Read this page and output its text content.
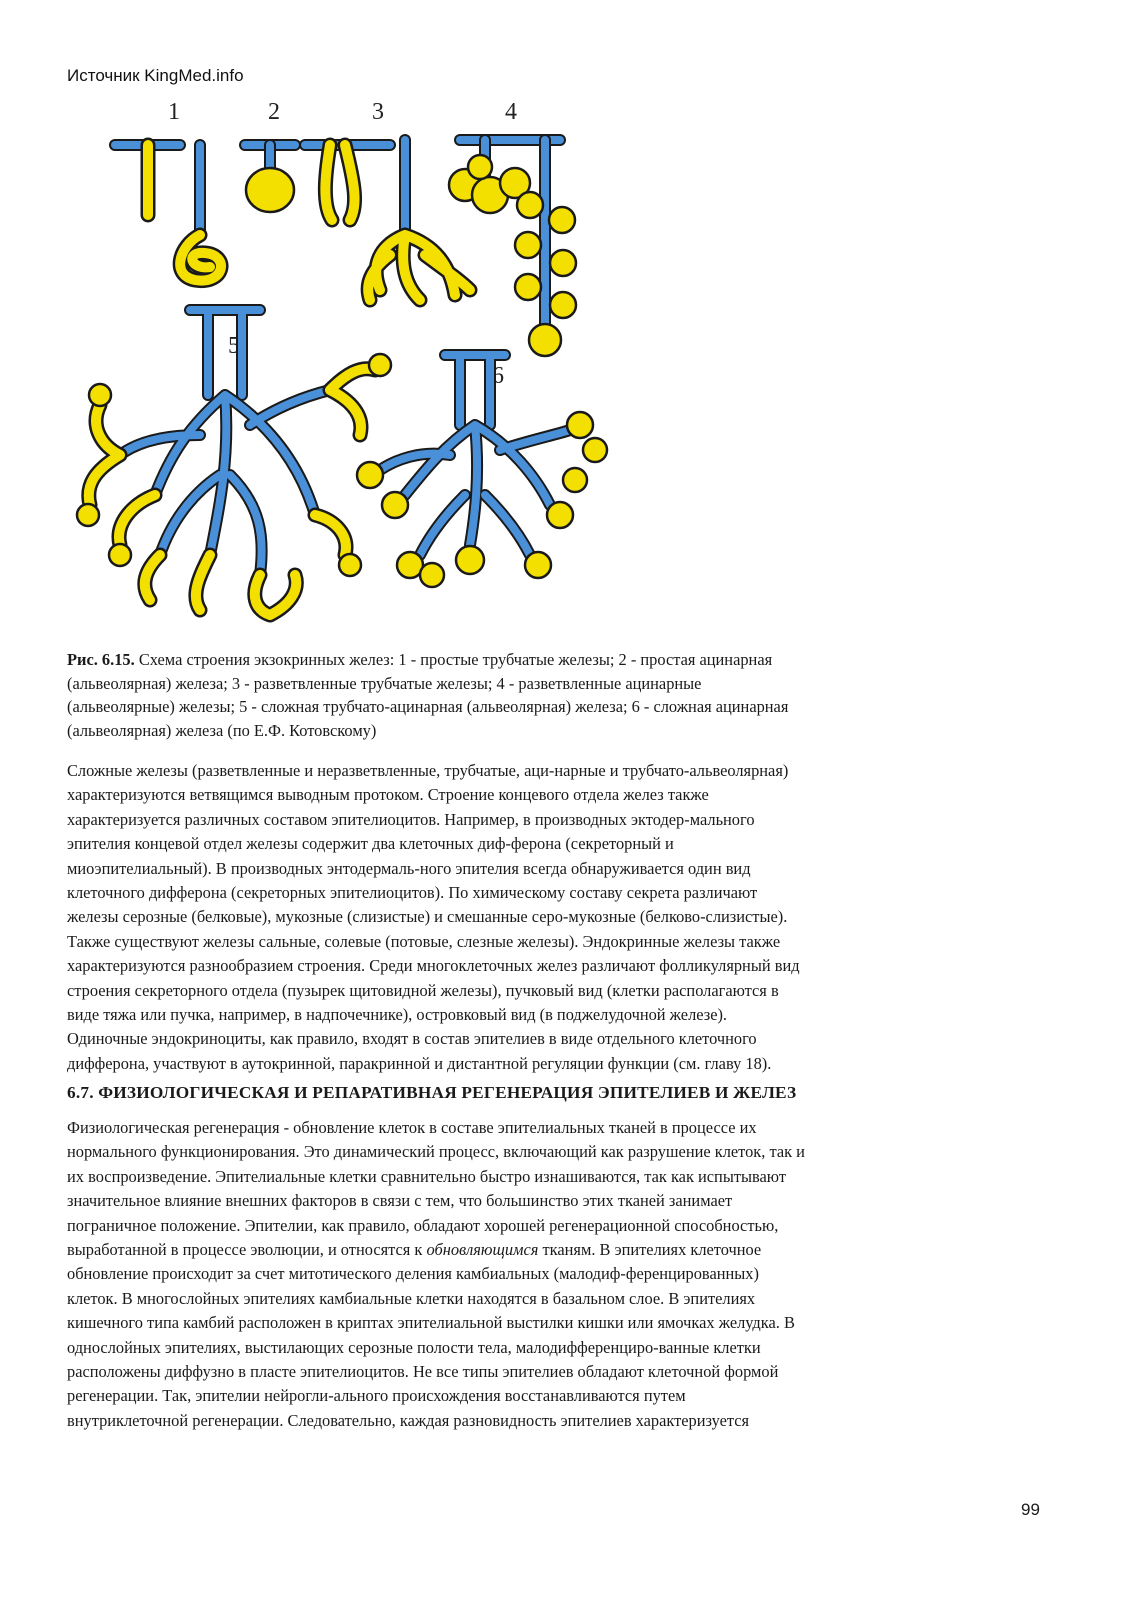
Источник KingMed.info
1	2	3	4
5
6
Рис. 6.15. Схема строения экзокринных желез: 1 - простые трубчатые железы; 2 - простая ацинарная
(альвеолярная) железа; 3 - разветвленные трубчатые железы; 4 - разветвленные ацинарные
(альвеолярные) железы; 5 - сложная трубчато-ацинарная (альвеолярная) железа; 6 - сложная ацинарная
(альвеолярная) железа (по Е.Ф. Котовскому)
Сложные железы (разветвленные и неразветвленные, трубчатые, аци-нарные и трубчато-альвеолярная)
характеризуются ветвящимся выводным протоком. Строение концевого отдела желез также
характеризуется различных составом эпителиоцитов. Например, в производных эктодер-мального
эпителия концевой отдел железы содержит два клеточных диф-ферона (секреторный и
миоэпителиальный). В производных энтодермаль-ного эпителия всегда обнаруживается один вид
клеточного дифферона (секреторных эпителиоцитов). По химическому составу секрета различают
железы серозные (белковые), мукозные (слизистые) и смешанные серо-мукозные (белково-слизистые).
Также существуют железы сальные, солевые (потовые, слезные железы). Эндокринные железы также
характеризуются разнообразием строения. Среди многоклеточных желез различают фолликулярный вид
строения секреторного отдела (пузырек щитовидной железы), пучковый вид (клетки располагаются в
виде тяжа или пучка, например, в надпочечнике), островковый вид (в поджелудочной железе).
Одиночные эндокриноциты, как правило, входят в состав эпителиев в виде отдельного клеточного
дифферона, участвуют в аутокринной, паракринной и дистантной регуляции функции (см. главу 18).
6.7. ФИЗИОЛОГИЧЕСКАЯ И РЕПАРАТИВНАЯ РЕГЕНЕРАЦИЯ ЭПИТЕЛИЕВ И ЖЕЛЕЗ
Физиологическая регенерация - обновление клеток в составе эпителиальных тканей в процессе их
нормального функционирования. Это динамический процесс, включающий как разрушение клеток, так и
их воспроизведение. Эпителиальные клетки сравнительно быстро изнашиваются, так как испытывают
значительное влияние внешних факторов в связи с тем, что большинство этих тканей занимает
пограничное положение. Эпителии, как правило, обладают хорошей регенерационной способностью,
выработанной в процессе эволюции, и относятся к обновляющимся тканям. В эпителиях клеточное
обновление происходит за счет митотического деления камбиальных (малодиф-ференцированных)
клеток. В многослойных эпителиях камбиальные клетки находятся в базальном слое. В эпителиях
кишечного типа камбий расположен в криптах эпителиальной выстилки кишки или ямочках желудка. В
однослойных эпителиях, выстилающих серозные полости тела, малодифференциро-ванные клетки
расположены диффузно в пласте эпителиоцитов. Не все типы эпителиев обладают клеточной формой
регенерации. Так, эпителии нейрогли-ального происхождения восстанавливаются путем
внутриклеточной регенерации. Следовательно, каждая разновидность эпителиев характеризуется
99
